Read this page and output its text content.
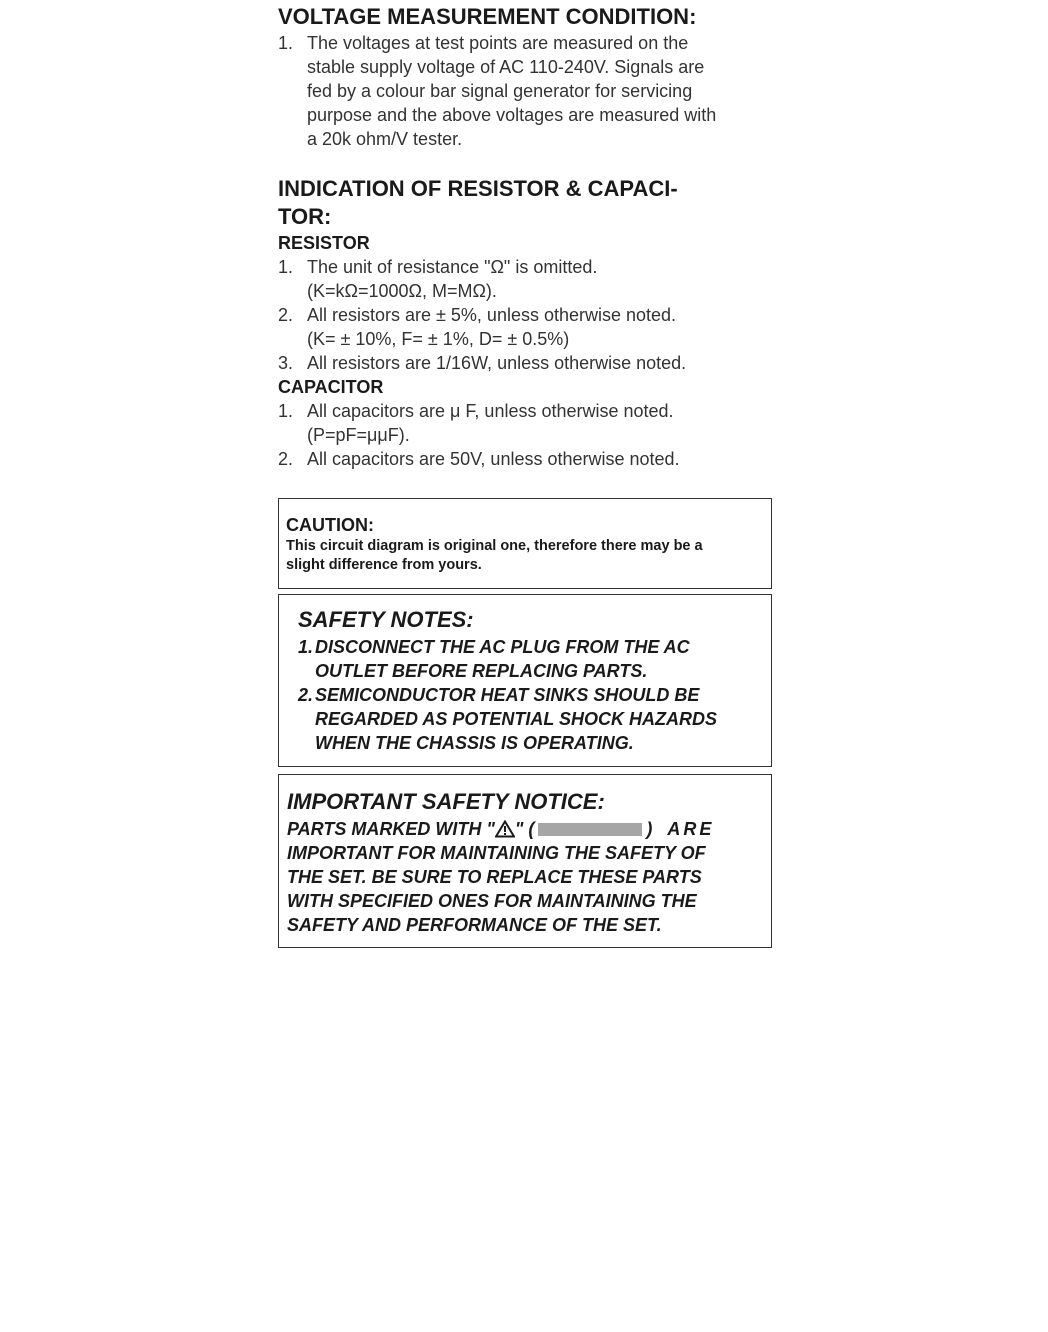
VOLTAGE MEASUREMENT CONDITION:
1. The voltages at test points are measured on the
stable supply voltage of AC 110-240V. Signals are
fed by a colour bar signal generator for servicing
purpose and the above voltages are measured with
a 20k ohm/V tester.
INDICATION OF RESISTOR & CAPACI-
TOR:
RESISTOR
1. The unit of resistance "Ω" is omitted.
(K=kΩ=1000Ω, M=MΩ).
2. All resistors are ± 5%, unless otherwise noted.
(K= ± 10%, F= ± 1%, D= ± 0.5%)
3. All resistors are 1/16W, unless otherwise noted.
CAPACITOR
1. All capacitors are μ F, unless otherwise noted.
(P=pF=μμF).
2. All capacitors are 50V, unless otherwise noted.
CAUTION:
This circuit diagram is original one, therefore there may be a
slight difference from yours.
SAFETY NOTES:
1. DISCONNECT THE AC PLUG FROM THE AC
OUTLET BEFORE REPLACING PARTS.
2. SEMICONDUCTOR HEAT SINKS SHOULD BE
REGARDED AS POTENTIAL SHOCK HAZARDS
WHEN THE CHASSIS IS OPERATING.
IMPORTANT SAFETY NOTICE:
PARTS MARKED WITH " " (	) ARE
IMPORTANT FOR MAINTAINING THE SAFETY OF
THE SET. BE SURE TO REPLACE THESE PARTS
WITH SPECIFIED ONES FOR MAINTAINING THE
SAFETY AND PERFORMANCE OF THE SET.
